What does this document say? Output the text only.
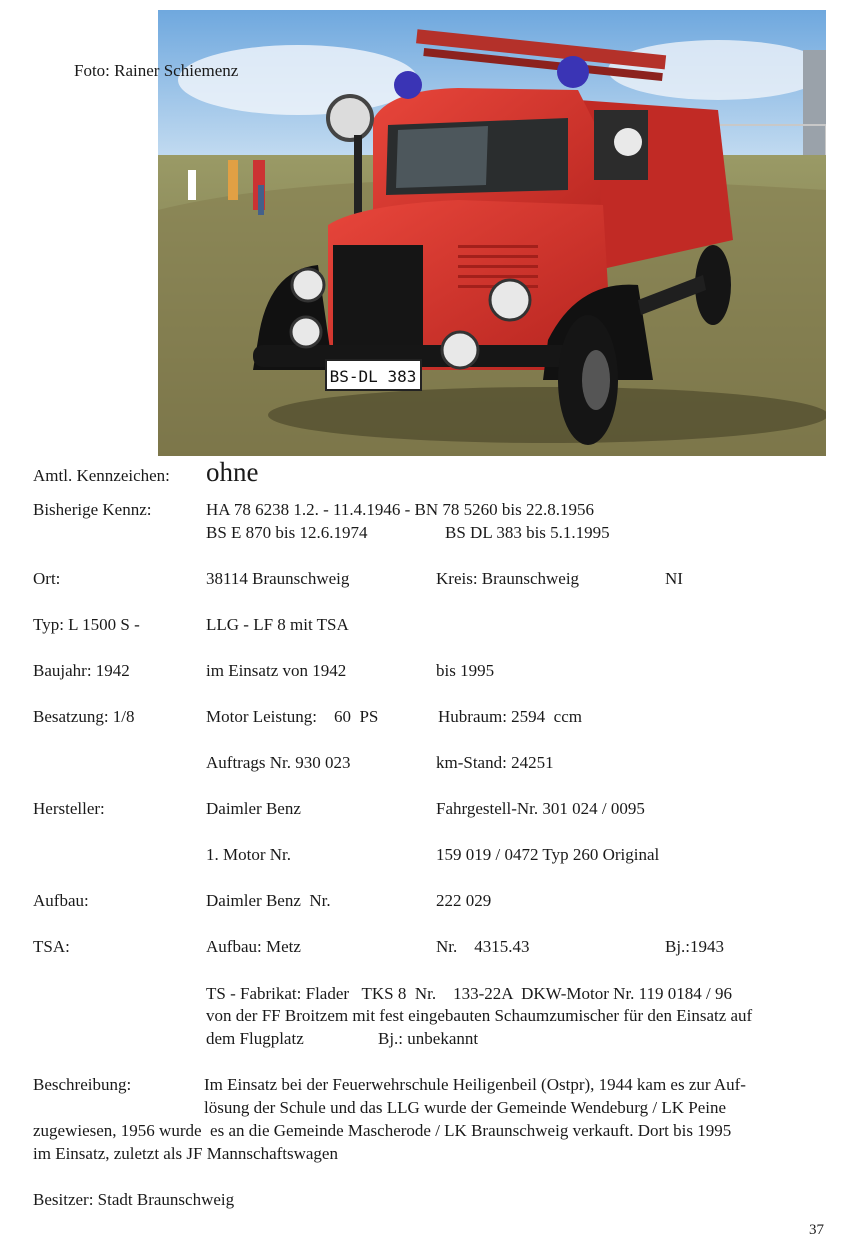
BS-DL 383
Foto: Rainer Schiemenz
Amtl. Kennzeichen: ohne
Bisherige Kennz:	HA 78 6238 1.2. - 11.4.1946 - BN 78 5260 bis 22.8.1956
BS E 870 bis 12.6.1974	BS DL 383 bis 5.1.1995
Ort:	38114 Braunschweig	Kreis: Braunschweig	NI
Typ: L 1500 S -	LLG - LF 8 mit TSA
Baujahr: 1942	im Einsatz von 1942	bis 1995
Besatzung: 1/8	Motor Leistung:    60  PS	Hubraum: 2594  ccm
Auftrags Nr. 930 023	km-Stand: 24251
Hersteller:	Daimler Benz	Fahrgestell-Nr. 301 024 / 0095
1. Motor Nr.	159 019 / 0472 Typ 260 Original
Aufbau:	Daimler Benz  Nr.	222 029
TSA:	Aufbau: Metz	Nr.    4315.43	Bj.:1943
TS - Fabrikat: Flader   TKS 8  Nr.    133-22A  DKW-Motor Nr. 119 0184 / 96
von der FF Broitzem mit fest eingebauten Schaumzumischer für den Einsatz auf
dem Flugplatz	Bj.: unbekannt
Beschreibung:	Im Einsatz bei der Feuerwehrschule Heiligenbeil (Ostpr), 1944 kam es zur Auf-
lösung der Schule und das LLG wurde der Gemeinde Wendeburg / LK Peine
zugewiesen, 1956 wurde  es an die Gemeinde Mascherode / LK Braunschweig verkauft. Dort bis 1995
im Einsatz, zuletzt als JF Mannschaftswagen
Besitzer: Stadt Braunschweig
37
